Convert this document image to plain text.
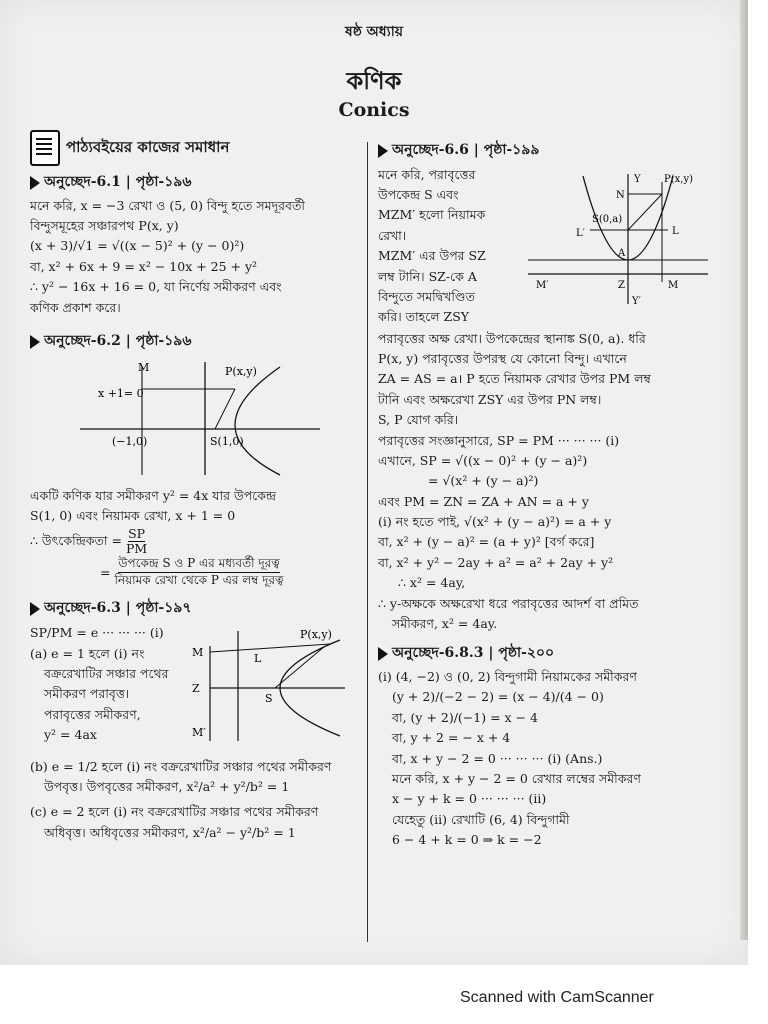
ষষ্ঠ অধ্যায়
কণিক
Conics
পাঠ্যবইয়ের কাজের সমাধান
অনুচ্ছেদ-6.1 | পৃষ্ঠা-১৯৬
মনে করি, x = −3 রেখা ও (5, 0) বিন্দু হতে সমদূরবর্তী
বিন্দুসমূহের সঞ্চারপথ P(x, y)
(x + 3)/√1 = √((x − 5)² + (y − 0)²)
বা, x² + 6x + 9 = x² − 10x + 25 + y²
∴ y² − 16x + 16 = 0, যা নির্ণেয় সমীকরণ এবং
কণিক প্রকাশ করে।
অনুচ্ছেদ-6.2 | পৃষ্ঠা-১৯৬
M	P(x,y)
x +1= 0
(−1,0)	S(1,0)
একটি কণিক যার সমীকরণ y² = 4x যার উপকেন্দ্র
S(1, 0) এবং নিয়ামক রেখা, x + 1 = 0
∴ উৎকেন্দ্রিকতা = $\frac{SP}{PM}$
=
উপকেন্দ্র S ও P এর মধ্যবর্তী দূরত্ব
নিয়ামক রেখা থেকে P এর লম্ব দূরত্ব
অনুচ্ছেদ-6.3 | পৃষ্ঠা-১৯৭
SP/PM = e ··· ··· ··· (i)
(a) e = 1 হলে (i) নং
বক্ররেখাটির সঞ্চার পথের
সমীকরণ পরাবৃত্ত।
পরাবৃত্তের সমীকরণ,
y² = 4ax
M
Z
M′
L
S
P(x,y)
(b) e = 1/2 হলে (i) নং বক্ররেখাটির সঞ্চার পথের সমীকরণ
উপবৃত্ত। উপবৃত্তের সমীকরণ, x²/a² + y²/b² = 1
(c) e = 2 হলে (i) নং বক্ররেখাটির সঞ্চার পথের সমীকরণ
অধিবৃত্ত। অধিবৃত্তের সমীকরণ, x²/a² − y²/b² = 1
অনুচ্ছেদ-6.6 | পৃষ্ঠা-১৯৯
মনে করি, পরাবৃত্তের
উপকেন্দ্র S এবং
MZM′ হলো নিয়ামক
রেখা।
MZM′ এর উপর SZ
লম্ব টানি। SZ-কে A
বিন্দুতে সমদ্বিখণ্ডিত
করি। তাহলে ZSY
Y
N
P(x,y)
S(0,a)
L′	L
A
M′	Z	M
Y′
পরাবৃত্তের অক্ষ রেখা। উপকেন্দ্রের স্থানাঙ্ক S(0, a). ধরি
P(x, y) পরাবৃত্তের উপরস্থ যে কোনো বিন্দু। এখানে
ZA = AS = a। P হতে নিয়ামক রেখার উপর PM লম্ব
টানি এবং অক্ষরেখা ZSY এর উপর PN লম্ব।
S, P যোগ করি।
পরাবৃত্তের সংজ্ঞানুসারে, SP = PM ··· ··· ··· (i)
এখানে, SP = √((x − 0)² + (y − a)²)
= √(x² + (y − a)²)
এবং PM = ZN = ZA + AN = a + y
(i) নং হতে পাই, √(x² + (y − a)²) = a + y
বা, x² + (y − a)² = (a + y)² [বর্গ করে]
বা, x² + y² − 2ay + a² = a² + 2ay + y²
∴ x² = 4ay,
∴ y-অক্ষকে অক্ষরেখা ধরে পরাবৃত্তের আদর্শ বা প্রমিত
সমীকরণ, x² = 4ay.
অনুচ্ছেদ-6.8.3 | পৃষ্ঠা-২০০
(i) (4, −2) ও (0, 2) বিন্দুগামী নিয়ামকের সমীকরণ
(y + 2)/(−2 − 2) = (x − 4)/(4 − 0)
বা, (y + 2)/(−1) = x − 4
বা, y + 2 = − x + 4
বা, x + y − 2 = 0 ··· ··· ··· (i) (Ans.)
মনে করি, x + y − 2 = 0 রেখার লম্বের সমীকরণ
x − y + k = 0 ··· ··· ··· (ii)
যেহেতু (ii) রেখাটি (6, 4) বিন্দুগামী
6 − 4 + k = 0 ⇒ k = −2
Scanned with CamScanner
